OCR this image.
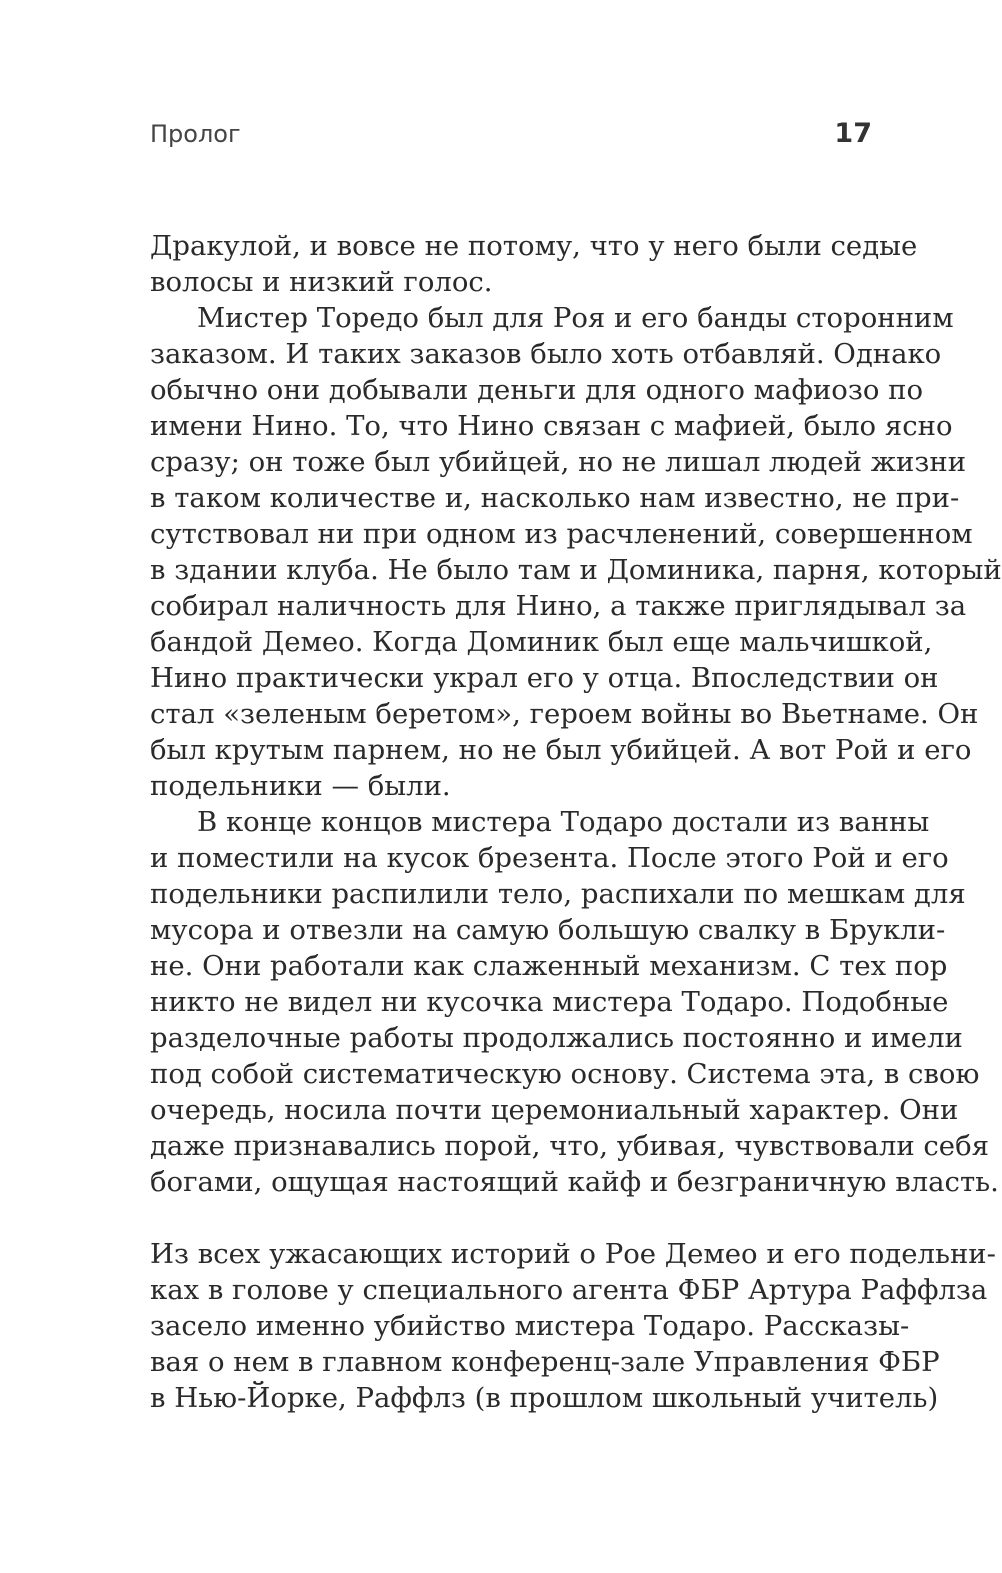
Пролог	17

Дракулой, и вовсе не потому, что у него были седые
волосы и низкий голос.

Мистер Торедо был для Роя и его банды сторонним
заказом. И таких заказов было хоть отбавляй. Однако
обычно они добывали деньги для одного мафиозо по
имени Нино. То, что Нино связан с мафией, было ясно
сразу; он тоже был убийцей, но не лишал людей жизни
в таком количестве и, насколько нам известно, не при-
сутствовал ни при одном из расчленений, совершенном
в здании клуба. Не было там и Доминика, парня, который
собирал наличность для Нино, а также приглядывал за
бандой Демео. Когда Доминик был еще мальчишкой,
Нино практически украл его у отца. Впоследствии он
стал «зеленым беретом», героем войны во Вьетнаме. Он
был крутым парнем, но не был убийцей. А вот Рой и его
подельники — были.

В конце концов мистера Тодаро достали из ванны
и поместили на кусок брезента. После этого Рой и его
подельники распилили тело, распихали по мешкам для
мусора и отвезли на самую большую свалку в Брукли-
не. Они работали как слаженный механизм. С тех пор
никто не видел ни кусочка мистера Тодаро. Подобные
разделочные работы продолжались постоянно и имели
под собой систематическую основу. Система эта, в свою
очередь, носила почти церемониальный характер. Они
даже признавались порой, что, убивая, чувствовали себя
богами, ощущая настоящий кайф и безграничную власть.

Из всех ужасающих историй о Рое Демео и его подельни-
ках в голове у специального агента ФБР Артура Раффлза
засело именно убийство мистера Тодаро. Рассказы-
вая о нем в главном конференц-зале Управления ФБР
в Нью-Йорке, Раффлз (в прошлом школьный учитель)
